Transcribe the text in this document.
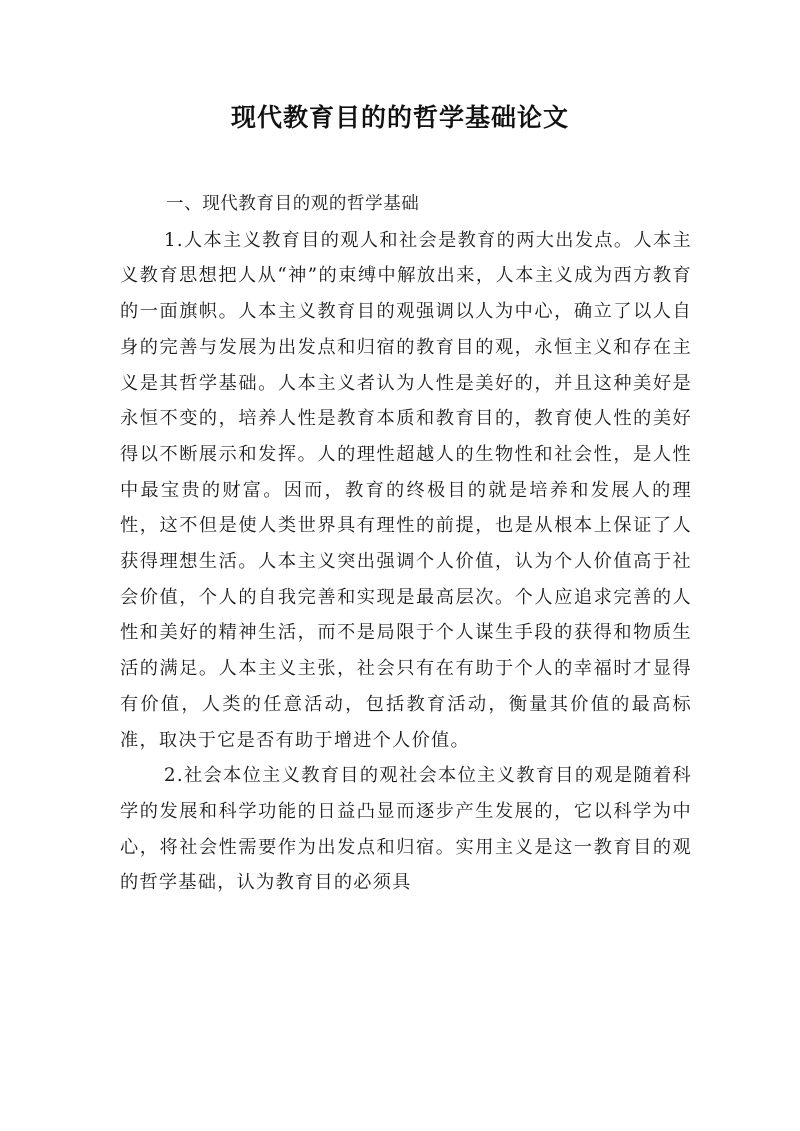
现代教育目的的哲学基础论文

一、现代教育目的观的哲学基础

1.人本主义教育目的观人和社会是教育的两大出发点。人本主义教育思想把人从“神”的束缚中解放出来，人本主义成为西方教育的一面旗帜。人本主义教育目的观强调以人为中心，确立了以人自身的完善与发展为出发点和归宿的教育目的观，永恒主义和存在主义是其哲学基础。人本主义者认为人性是美好的，并且这种美好是永恒不变的，培养人性是教育本质和教育目的，教育使人性的美好得以不断展示和发挥。人的理性超越人的生物性和社会性，是人性中最宝贵的财富。因而，教育的终极目的就是培养和发展人的理性，这不但是使人类世界具有理性的前提，也是从根本上保证了人获得理想生活。人本主义突出强调个人价值，认为个人价值高于社会价值，个人的自我完善和实现是最高层次。个人应追求完善的人性和美好的精神生活，而不是局限于个人谋生手段的获得和物质生活的满足。人本主义主张，社会只有在有助于个人的幸福时才显得有价值，人类的任意活动，包括教育活动，衡量其价值的最高标准，取决于它是否有助于增进个人价值。

2.社会本位主义教育目的观社会本位主义教育目的观是随着科学的发展和科学功能的日益凸显而逐步产生发展的，它以科学为中心，将社会性需要作为出发点和归宿。实用主义是这一教育目的观的哲学基础，认为教育目的必须具
